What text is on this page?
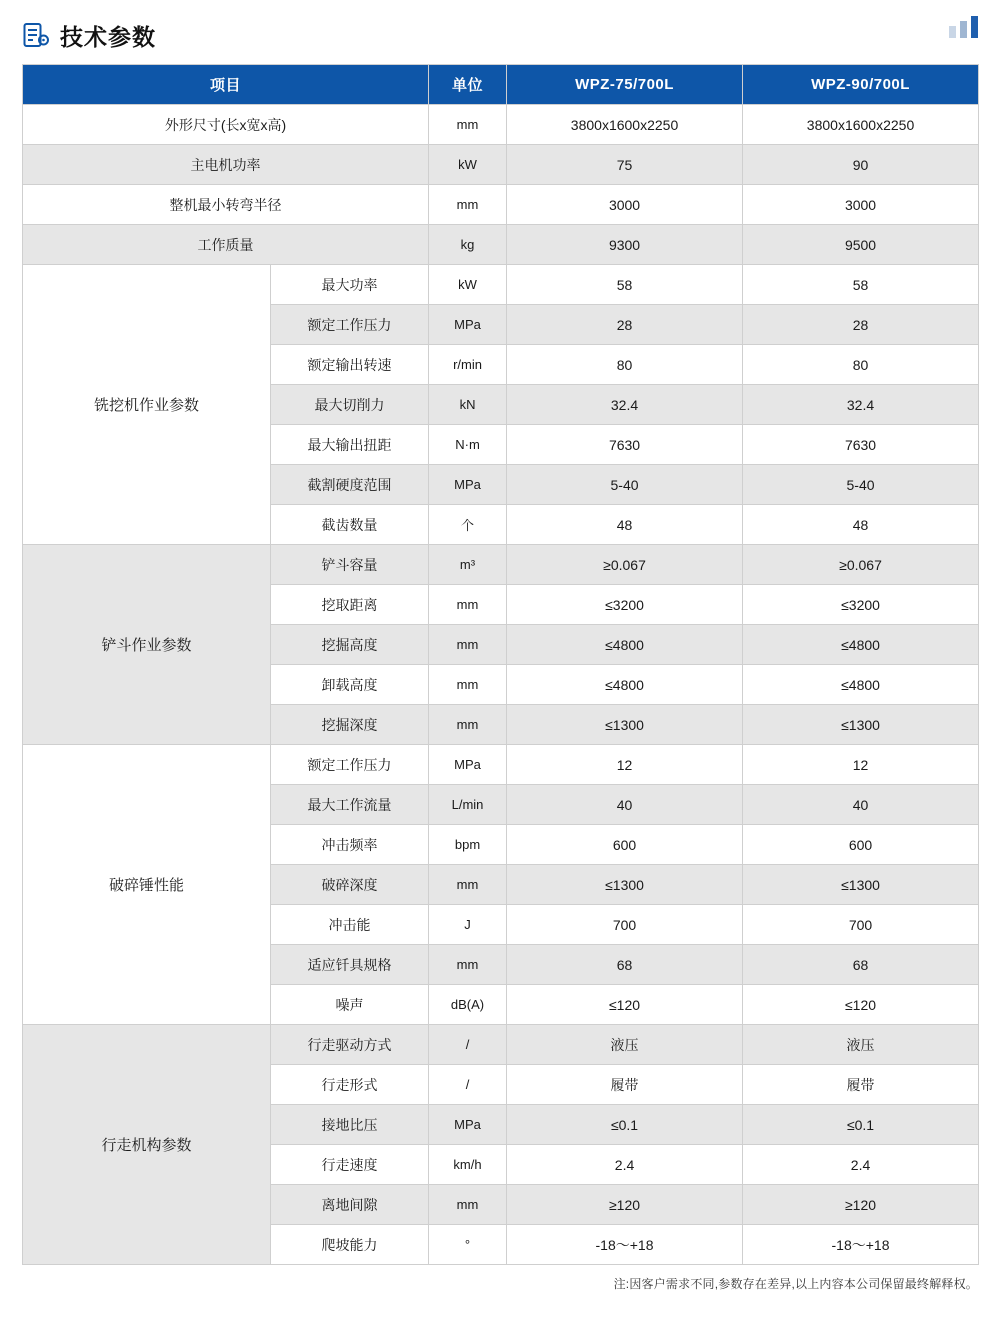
技术参数
项目		单位	WPZ-75/700L	WPZ-90/700L
外形尺寸(长x宽x高)		mm	3800x1600x2250	3800x1600x2250
主电机功率		kW	75	90
整机最小转弯半径		mm	3000	3000
工作质量		kg	9300	9500
铣挖机作业参数	最大功率	kW	58	58
	额定工作压力	MPa	28	28
	额定输出转速	r/min	80	80
	最大切削力	kN	32.4	32.4
	最大输出扭距	N·m	7630	7630
	截割硬度范围	MPa	5-40	5-40
	截齿数量	个	48	48
铲斗作业参数	铲斗容量	m³	≥0.067	≥0.067
	挖取距离	mm	≤3200	≤3200
	挖掘高度	mm	≤4800	≤4800
	卸载高度	mm	≤4800	≤4800
	挖掘深度	mm	≤1300	≤1300
破碎锤性能	额定工作压力	MPa	12	12
	最大工作流量	L/min	40	40
	冲击频率	bpm	600	600
	破碎深度	mm	≤1300	≤1300
	冲击能	J	700	700
	适应钎具规格	mm	68	68
	噪声	dB(A)	≤120	≤120
行走机构参数	行走驱动方式	/	液压	液压
	行走形式	/	履带	履带
	接地比压	MPa	≤0.1	≤0.1
	行走速度	km/h	2.4	2.4
	离地间隙	mm	≥120	≥120
	爬坡能力	°	-18～+18	-18～+18
注:因客户需求不同,参数存在差异,以上内容本公司保留最终解释权。
